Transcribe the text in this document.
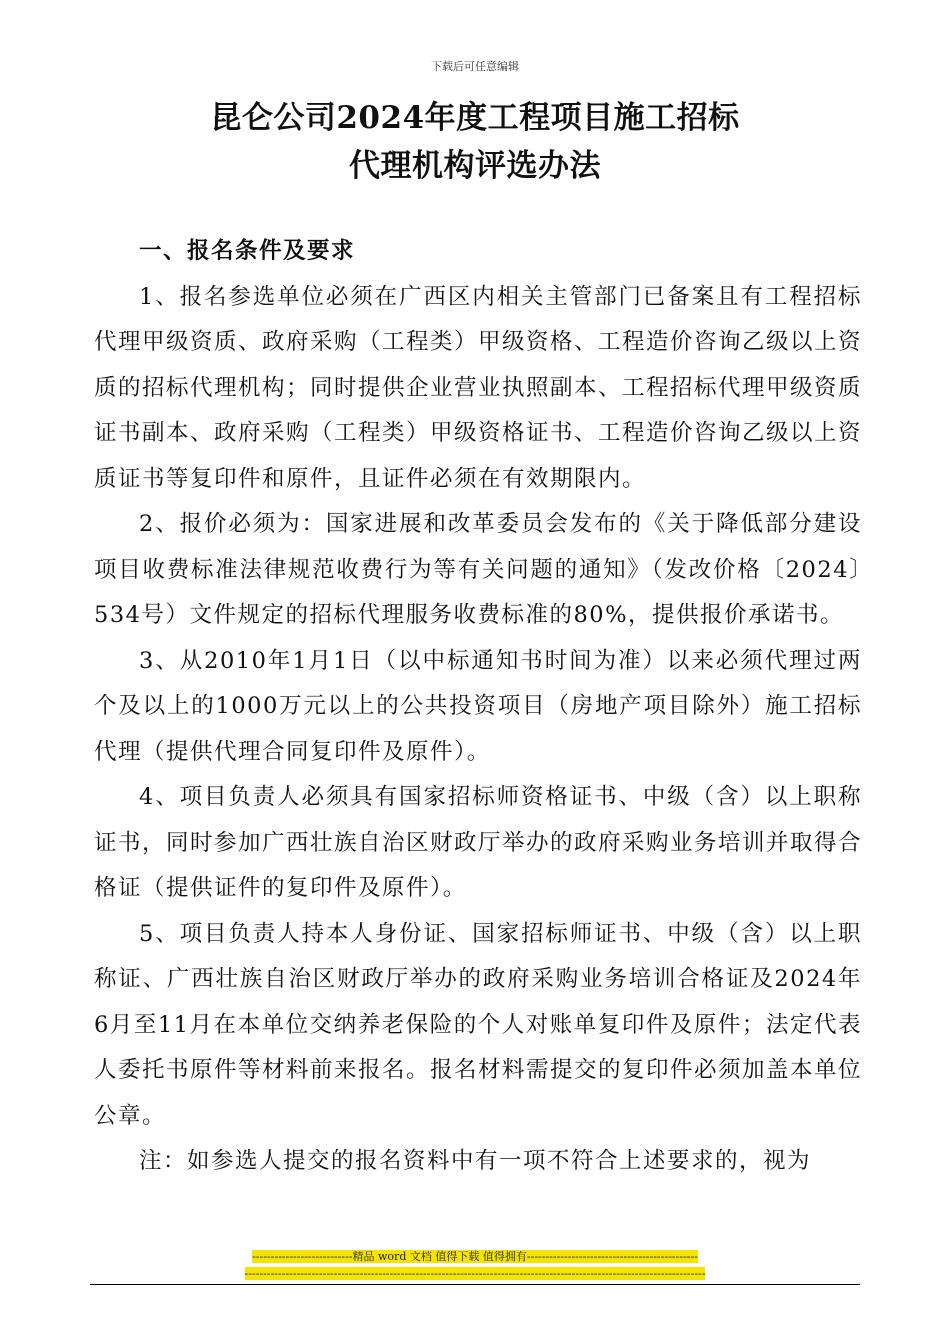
下载后可任意编辑
昆仑公司2024年度工程项目施工招标
代理机构评选办法
一、报名条件及要求

1、报名参选单位必须在广西区内相关主管部门已备案且有工程招标代理甲级资质、政府采购（工程类）甲级资格、工程造价咨询乙级以上资质的招标代理机构；同时提供企业营业执照副本、工程招标代理甲级资质证书副本、政府采购（工程类）甲级资格证书、工程造价咨询乙级以上资质证书等复印件和原件，且证件必须在有效期限内。

2、报价必须为：国家进展和改革委员会发布的《关于降低部分建设项目收费标准法律规范收费行为等有关问题的通知》（发改价格〔2024〕534号）文件规定的招标代理服务收费标准的80%，提供报价承诺书。

3、从2010年1月1日（以中标通知书时间为准）以来必须代理过两个及以上的1000万元以上的公共投资项目（房地产项目除外）施工招标代理（提供代理合同复印件及原件）。

4、项目负责人必须具有国家招标师资格证书、中级（含）以上职称证书，同时参加广西壮族自治区财政厅举办的政府采购业务培训并取得合格证（提供证件的复印件及原件）。

5、项目负责人持本人身份证、国家招标师证书、中级（含）以上职称证、广西壮族自治区财政厅举办的政府采购业务培训合格证及2024年6月至11月在本单位交纳养老保险的个人对账单复印件及原件；法定代表人委托书原件等材料前来报名。报名材料需提交的复印件必须加盖本单位公章。

注：如参选人提交的报名资料中有一项不符合上述要求的，视为

---------------------------精品 word 文档 值得下载 值得拥有----------------------------------------------
----------------------------------------------------------------------------------------------------------------------------
